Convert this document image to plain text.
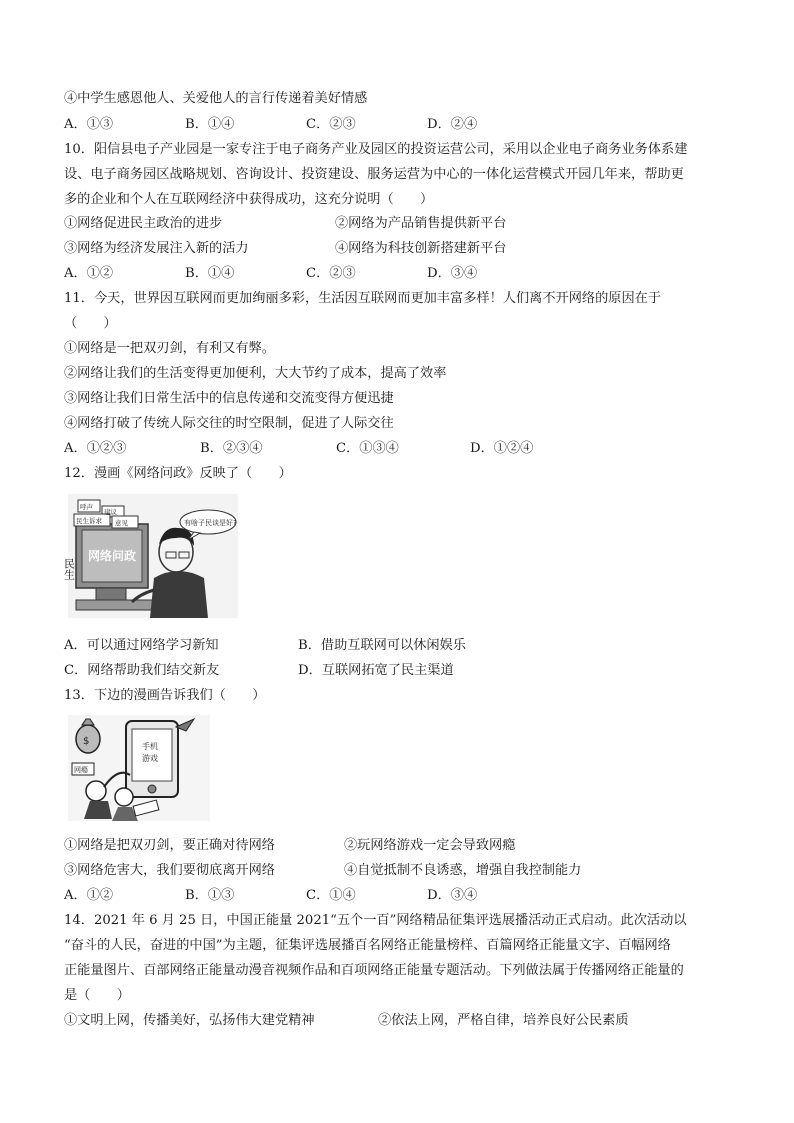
④中学生感恩他人、关爱他人的言行传递着美好情感
A．①③	B．①④	C．②③	D．②④
10．阳信县电子产业园是一家专注于电子商务产业及园区的投资运营公司，采用以企业电子商务业务体系建
设、电子商务园区战略规划、咨询设计、投资建设、服务运营为中心的一体化运营模式开园几年来，帮助更
多的企业和个人在互联网经济中获得成功，这充分说明（　　）
①网络促进民主政治的进步	②网络为产品销售提供新平台
③网络为经济发展注入新的活力	④网络为科技创新搭建新平台
A．①②	B．①④	C．②③	D．③④
11．今天，世界因互联网而更加绚丽多彩，生活因互联网而更加丰富多样！人们离不开网络的原因在于
（　　）
①网络是一把双刃剑，有利又有弊。
②网络让我们的生活变得更加便利，大大节约了成本，提高了效率
③网络让我们日常生活中的信息传递和交流变得方便迅捷
④网络打破了传统人际交往的时空限制，促进了人际交往
A．①②③	B．②③④	C．①③④	D．①②④
12．漫画《网络问政》反映了（　　）
网络问政
民生
呼声
建议
民生诉求 意见	有啥子民谈是好?
A．可以通过网络学习新知	B．借助互联网可以休闲娱乐
C．网络帮助我们结交新友	D．互联网拓宽了民主渠道
13．下边的漫画告诉我们（　　）
手机
游戏
$
网瘾
①网络是把双刃剑，要正确对待网络	②玩网络游戏一定会导致网瘾
③网络危害大，我们要彻底离开网络	④自觉抵制不良诱惑，增强自我控制能力
A．①②	B．①③	C．①④	D．③④
14．2021 年 6 月 25 日，中国正能量 2021“五个一百”网络精品征集评选展播活动正式启动。此次活动以
“奋斗的人民，奋进的中国”为主题，征集评选展播百名网络正能量榜样、百篇网络正能量文字、百幅网络
正能量图片、百部网络正能量动漫音视频作品和百项网络正能量专题活动。下列做法属于传播网络正能量的
是（　　）
①文明上网，传播美好，弘扬伟大建党精神	②依法上网，严格自律，培养良好公民素质
